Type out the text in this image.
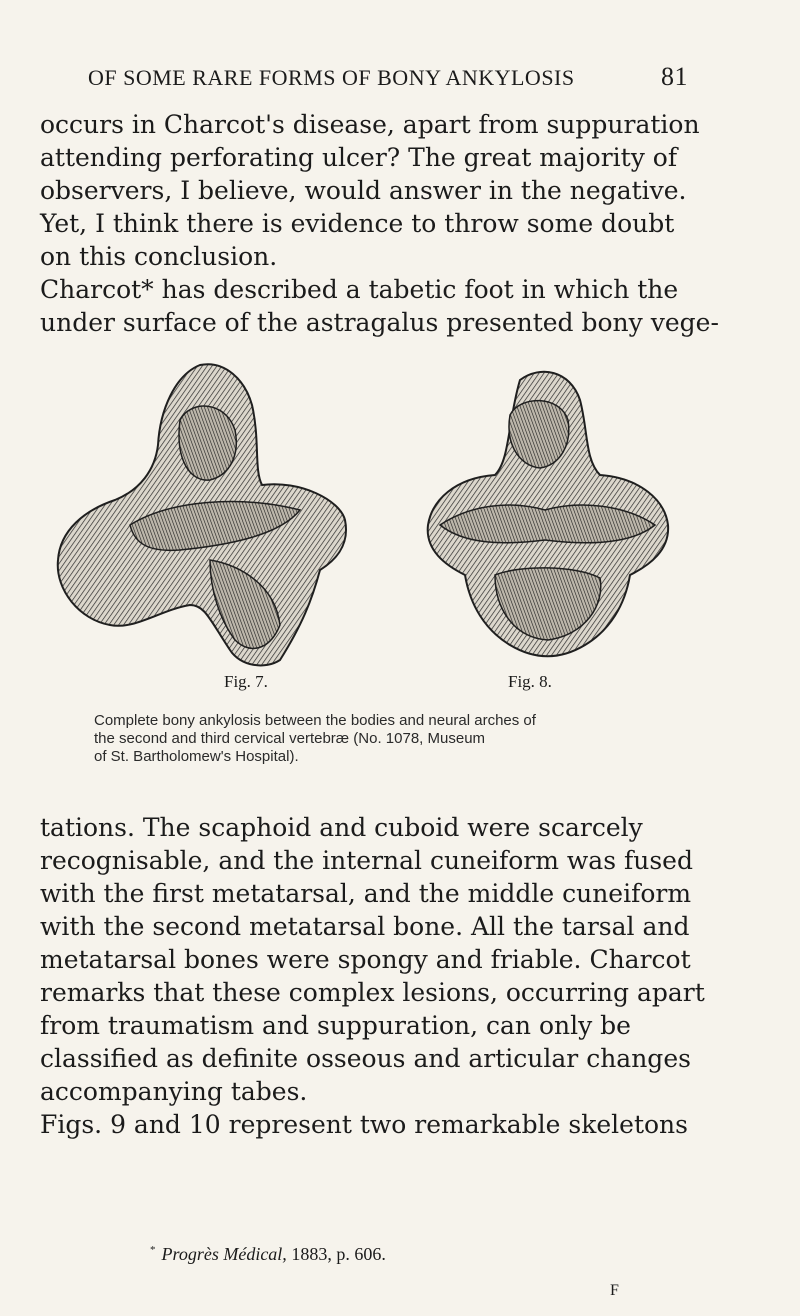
OF SOME RARE FORMS OF BONY ANKYLOSIS	81
occurs in Charcot's disease, apart from suppuration
attending perforating ulcer? The great majority of
observers, I believe, would answer in the negative.
Yet, I think there is evidence to throw some doubt
on this conclusion.
Charcot* has described a tabetic foot in which the
under surface of the astragalus presented bony vege-
Fig. 7.	Fig. 8.
Complete bony ankylosis between the bodies and neural arches of
the second and third cervical vertebræ (No. 1078, Museum
of St. Bartholomew's Hospital).
tations. The scaphoid and cuboid were scarcely
recognisable, and the internal cuneiform was fused
with the first metatarsal, and the middle cuneiform
with the second metatarsal bone. All the tarsal and
metatarsal bones were spongy and friable. Charcot
remarks that these complex lesions, occurring apart
from traumatism and suppuration, can only be
classified as definite osseous and articular changes
accompanying tabes.
Figs. 9 and 10 represent two remarkable skeletons
* Progrès Médical, 1883, p. 606.
F
